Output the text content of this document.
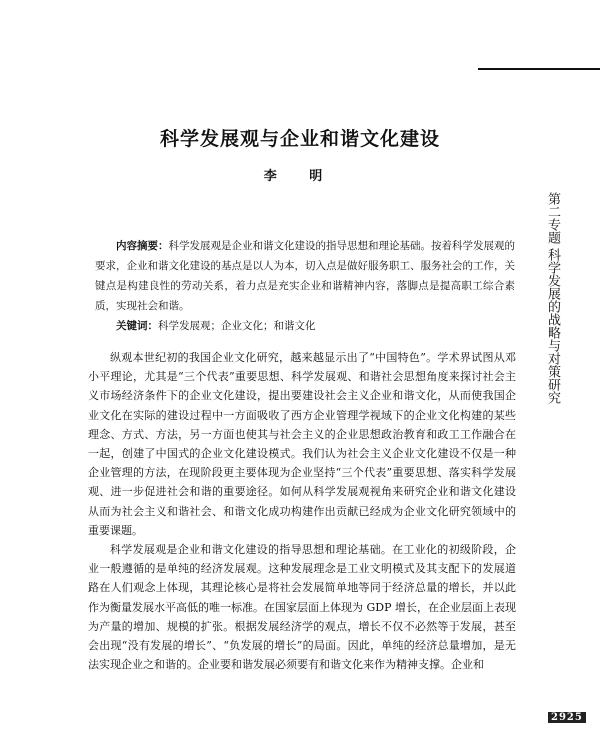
科学发展观与企业和谐文化建设
李 明
第二专题 科学发展的战略与对策研究

内容摘要：科学发展观是企业和谐文化建设的指导思想和理论基础。按着科学发展观的要求，企业和谐文化建设的基点是以人为本，切入点是做好服务职工、服务社会的工作，关键点是构建良性的劳动关系，着力点是充实企业和谐精神内容，落脚点是提高职工综合素质，实现社会和谐。

关键词：科学发展观；企业文化；和谐文化

纵观本世纪初的我国企业文化研究，越来越显示出了“中国特色”。学术界试图从邓小平理论，尤其是“三个代表”重要思想、科学发展观、和谐社会思想角度来探讨社会主义市场经济条件下的企业文化建设，提出要建设社会主义企业和谐文化，从而使我国企业文化在实际的建设过程中一方面吸收了西方企业管理学视域下的企业文化构建的某些理念、方式、方法，另一方面也使其与社会主义的企业思想政治教育和政工工作融合在一起，创建了中国式的企业文化建设模式。我们认为社会主义企业文化建设不仅是一种企业管理的方法，在现阶段更主要体现为企业坚持“三个代表”重要思想、落实科学发展观、进一步促进社会和谐的重要途径。如何从科学发展观视角来研究企业和谐文化建设从而为社会主义和谐社会、和谐文化成功构建作出贡献已经成为企业文化研究领域中的重要课题。

科学发展观是企业和谐文化建设的指导思想和理论基础。在工业化的初级阶段，企业一般遵循的是单纯的经济发展观。这种发展理念是工业文明模式及其支配下的发展道路在人们观念上体现，其理论核心是将社会发展简单地等同于经济总量的增长，并以此作为衡量发展水平高低的唯一标准。在国家层面上体现为 GDP 增长，在企业层面上表现为产量的增加、规模的扩张。根据发展经济学的观点，增长不仅不必然等于发展，甚至会出现“没有发展的增长”、“负发展的增长”的局面。因此，单纯的经济总量增加，是无法实现企业之和谐的。企业要和谐发展必须要有和谐文化来作为精神支撑。企业和

2925
